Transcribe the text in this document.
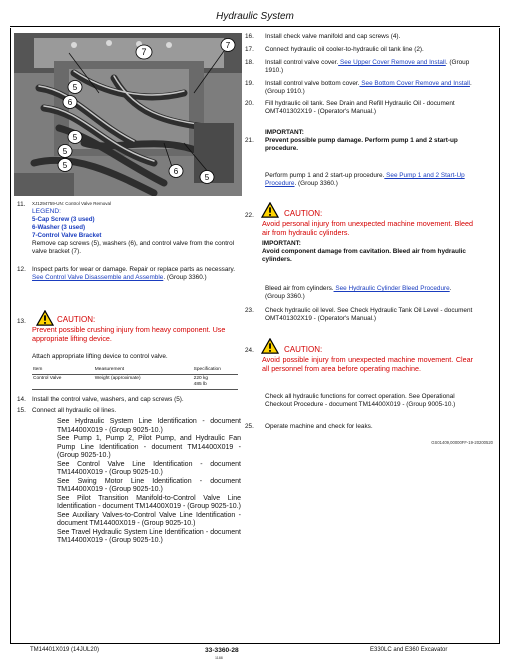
Hydraulic System
7
5
6
5
5
5
6
5
7
11.	XJ1294759-UN: Control Valve Removal
LEGEND:
5-Cap Screw (3 used)
6-Washer (3 used)
7-Control Valve Bracket
Remove cap screws (5), washers (6), and control valve from the control valve bracket (7).
12. Inspect parts for wear or damage. Repair or replace parts as necessary. See Control Valve Disassemble and Assemble. (Group 3360.)
13.	CAUTION:
Prevent possible crushing injury from heavy component. Use appropriate lifting device.
Attach appropriate lifting device to control valve.
Item	Measurement	Specification
Control Valve	Weight (approximate)	220 kg
485 lb
14. Install the control valve, washers, and cap screws (5).
15. Connect all hydraulic oil lines.
See Hydraulic System Line Identification - document TM14400X019 - (Group 9025-10.)
See Pump 1, Pump 2, Pilot Pump, and Hydraulic Fan Pump Line Identification - document TM14400X019 - (Group 9025-10.)
See Control Valve Line Identification - document TM14400X019 - (Group 9025-10.)
See Swing Motor Line Identification - document TM14400X019 - (Group 9025-10.)
See Pilot Transition Manifold-to-Control Valve Line Identification - document TM14400X019 - (Group 9025-10.)
See Auxiliary Valves-to-Control Valve Line Identification - document TM14400X019 - (Group 9025-10.)
See Travel Hydraulic System Line Identification - document TM14400X019 - (Group 9025-10.)
16.	Install check valve manifold and cap screws (4).
17.	Connect hydraulic oil cooler-to-hydraulic oil tank line (2).
18.	Install control valve cover. See Upper Cover Remove and Install. (Group 1910.)
19.	Install control valve bottom cover. See Bottom Cover Remove and Install. (Group 1910.)
20.	Fill hydraulic oil tank. See Drain and Refill Hydraulic Oil - document OMT401302X19 - (Operator's Manual.)
IMPORTANT:
21.	Prevent possible pump damage. Perform pump 1 and 2 start-up procedure.
Perform pump 1 and 2 start-up procedure. See Pump 1 and 2 Start-Up Procedure. (Group 3360.)
22.	CAUTION:
Avoid personal injury from unexpected machine movement. Bleed air from hydraulic cylinders.
IMPORTANT:
Avoid component damage from cavitation. Bleed air from hydraulic cylinders.
Bleed air from cylinders. See Hydraulic Cylinder Bleed Procedure. (Group 3360.)
23.	Check hydraulic oil level. See Check Hydraulic Tank Oil Level - document OMT401302X19 - (Operator's Manual.)
24.	CAUTION:
Avoid possible injury from unexpected machine movement. Clear all personnel from area before operating machine.
Check all hydraulic functions for correct operation. See Operational Checkout Procedure - document TM14400X019 - (Group 9005-10.)
25.	Operate machine and check for leaks.
GS01409,00000FF-19-20200520
TM14401X019 (14JUL20)	33-3360-28	E330LC and E360 Excavator
1188
